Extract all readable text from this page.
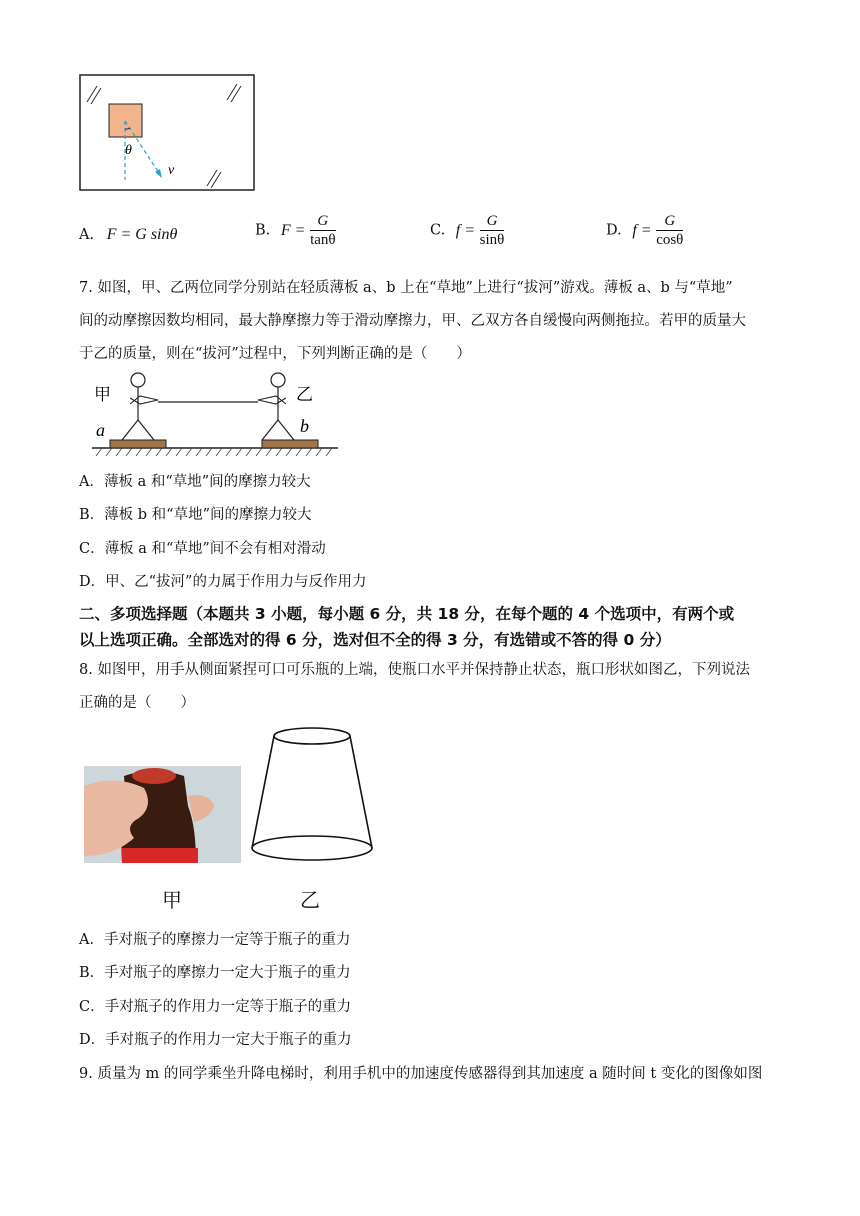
θ
v
A. F = G sinθ	B. $F = \frac{G}{\tan\theta}$	C. $f = \frac{G}{\sin\theta}$	D. $f = \frac{G}{\cos\theta}$
7. 如图，甲、乙两位同学分别站在轻质薄板 a、b 上在“草地”上进行“拔河”游戏。薄板 a、b 与“草地”
间的动摩擦因数均相同，最大静摩擦力等于滑动摩擦力，甲、乙双方各自缓慢向两侧拖拉。若甲的质量大
于乙的质量，则在“拔河”过程中，下列判断正确的是（　　）
甲	乙
a	b
A．薄板 a 和“草地”间的摩擦力较大
B．薄板 b 和“草地”间的摩擦力较大
C．薄板 a 和“草地”间不会有相对滑动
D．甲、乙“拔河”的力属于作用力与反作用力
二、多项选择题（本题共 3 小题，每小题 6 分，共 18 分，在每个题的 4 个选项中，有两个或
以上选项正确。全部选对的得 6 分，选对但不全的得 3 分，有选错或不答的得 0 分）
8. 如图甲，用手从侧面紧捏可口可乐瓶的上端，使瓶口水平并保持静止状态，瓶口形状如图乙，下列说法
正确的是（　　）
甲	乙
A．手对瓶子的摩擦力一定等于瓶子的重力
B．手对瓶子的摩擦力一定大于瓶子的重力
C．手对瓶子的作用力一定等于瓶子的重力
D．手对瓶子的作用力一定大于瓶子的重力
9. 质量为 m 的同学乘坐升降电梯时，利用手机中的加速度传感器得到其加速度 a 随时间 t 变化的图像如图
